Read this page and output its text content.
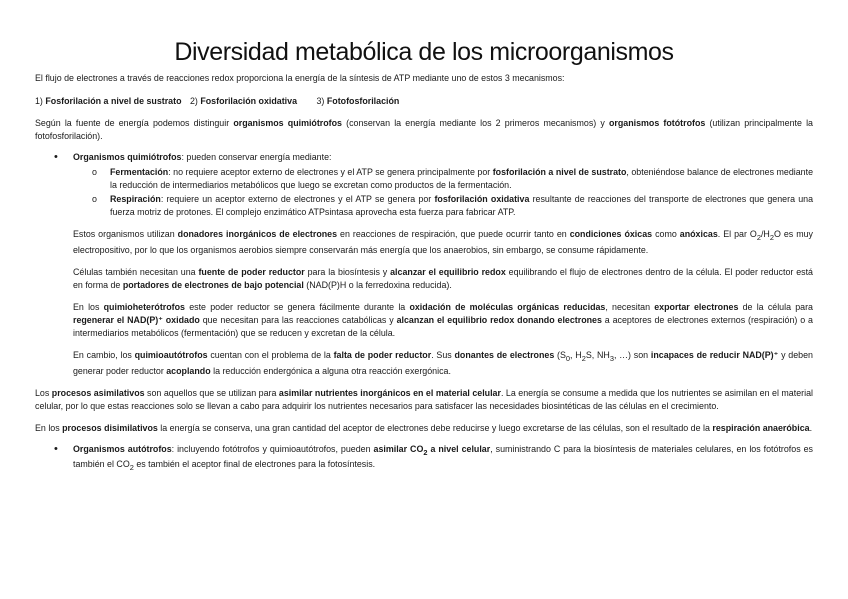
Diversidad metabólica de los microorganismos

El flujo de electrones a través de reacciones redox proporciona la energía de la síntesis de ATP mediante uno de estos 3 mecanismos:

1) Fosforilación a nivel de sustrato 2) Fosforilación oxidativa 3) Fotofosforilación

Según la fuente de energía podemos distinguir organismos quimiótrofos (conservan la energía mediante los 2 primeros mecanismos) y organismos fotótrofos (utilizan principalmente la fotofosforilación).

• Organismos quimiótrofos: pueden conservar energía mediante:
o Fermentación: no requiere aceptor externo de electrones y el ATP se genera principalmente por fosforilación a nivel de sustrato, obteniéndose balance de electrones mediante la reducción de intermediarios metabólicos que luego se excretan como productos de la fermentación.
o Respiración: requiere un aceptor externo de electrones y el ATP se genera por fosforilación oxidativa resultante de reacciones del transporte de electrones que genera una fuerza motriz de protones. El complejo enzimático ATPsintasa aprovecha esta fuerza para fabricar ATP.

Estos organismos utilizan donadores inorgánicos de electrones en reacciones de respiración, que puede ocurrir tanto en condiciones óxicas como anóxicas. El par $O_2/H_2O$ es muy electropositivo, por lo que los organismos aerobios siempre conservarán más energía que los anaerobios, sin embargo, se consume rápidamente.

Células también necesitan una fuente de poder reductor para la biosíntesis y alcanzar el equilibrio redox equilibrando el flujo de electrones dentro de la célula. El poder reductor está en forma de portadores de electrones de bajo potencial (NAD(P)H o la ferredoxina reducida).

En los quimioheterótrofos este poder reductor se genera fácilmente durante la oxidación de moléculas orgánicas reducidas, necesitan exportar electrones de la célula para regenerar el NAD(P)⁺ oxidado que necesitan para las reacciones catabólicas y alcanzan el equilibrio redox donando electrones a aceptores de electrones externos (respiración) o a intermediarios metabólicos (fermentación) que se reducen y excretan de la célula.

En cambio, los quimioautótrofos cuentan con el problema de la falta de poder reductor. Sus donantes de electrones ($S_0$, $H_2S$, $NH_3$, …) son incapaces de reducir NAD(P)⁺ y deben generar poder reductor acoplando la reducción endergónica a alguna otra reacción exergónica.

Los procesos asimilativos son aquellos que se utilizan para asimilar nutrientes inorgánicos en el material celular. La energía se consume a medida que los nutrientes se asimilan en el material celular, por lo que estas reacciones solo se llevan a cabo para adquirir los nutrientes necesarios para satisfacer las necesidades biosintéticas de las células en el crecimiento.

En los procesos disimilativos la energía se conserva, una gran cantidad del aceptor de electrones debe reducirse y luego excretarse de las células, son el resultado de la respiración anaeróbica.

• Organismos autótrofos: incluyendo fotótrofos y quimioautótrofos, pueden asimilar $CO_2$ a nivel celular, suministrando C para la biosíntesis de materiales celulares, en los fotótrofos es también el $CO_2$ es también el aceptor final de electrones para la fotosíntesis.
